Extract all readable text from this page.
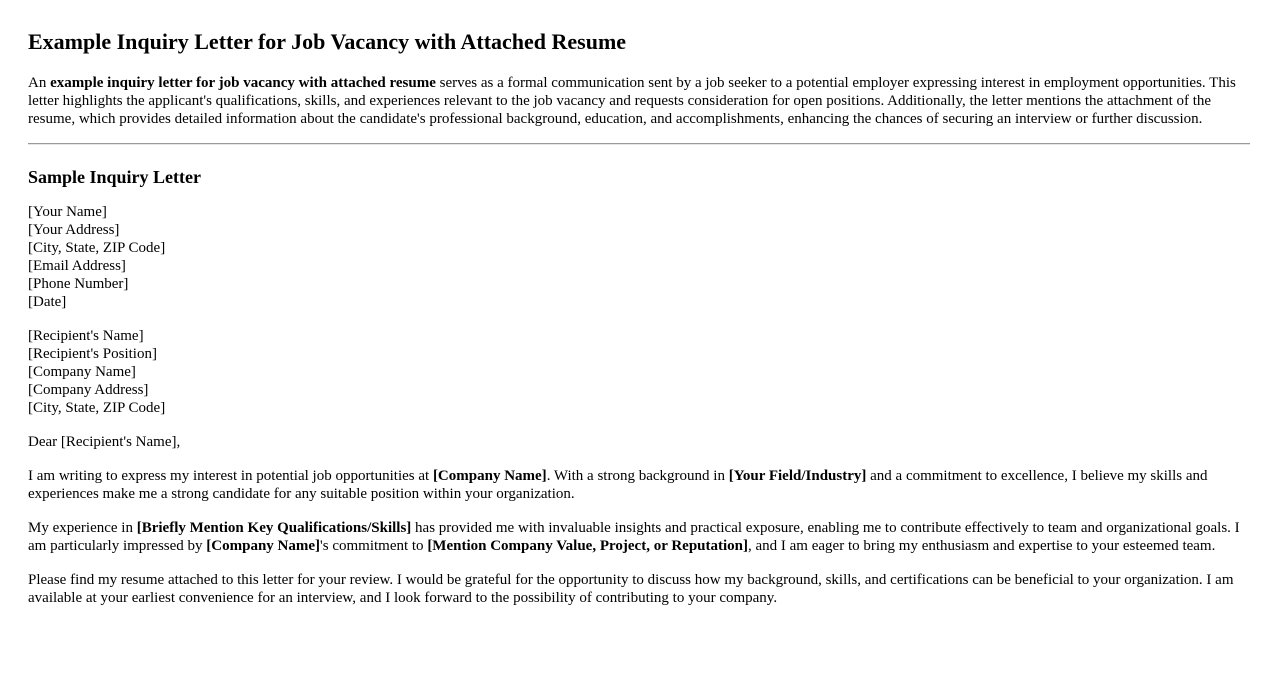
Example Inquiry Letter for Job Vacancy with Attached Resume

An example inquiry letter for job vacancy with attached resume serves as a formal communication sent by a job seeker to a potential employer expressing interest in employment opportunities. This letter highlights the applicant's qualifications, skills, and experiences relevant to the job vacancy and requests consideration for open positions. Additionally, the letter mentions the attachment of the resume, which provides detailed information about the candidate's professional background, education, and accomplishments, enhancing the chances of securing an interview or further discussion.

Sample Inquiry Letter
[Your Name]
[Your Address]
[City, State, ZIP Code]
[Email Address]
[Phone Number]
[Date]
[Recipient's Name]
[Recipient's Position]
[Company Name]
[Company Address]
[City, State, ZIP Code]

Dear [Recipient's Name],

I am writing to express my interest in potential job opportunities at [Company Name]. With a strong background in [Your Field/Industry] and a commitment to excellence, I believe my skills and experiences make me a strong candidate for any suitable position within your organization.

My experience in [Briefly Mention Key Qualifications/Skills] has provided me with invaluable insights and practical exposure, enabling me to contribute effectively to team and organizational goals. I am particularly impressed by [Company Name]'s commitment to [Mention Company Value, Project, or Reputation], and I am eager to bring my enthusiasm and expertise to your esteemed team.

Please find my resume attached to this letter for your review. I would be grateful for the opportunity to discuss how my background, skills, and certifications can be beneficial to your organization. I am available at your earliest convenience for an interview, and I look forward to the possibility of contributing to your company.
